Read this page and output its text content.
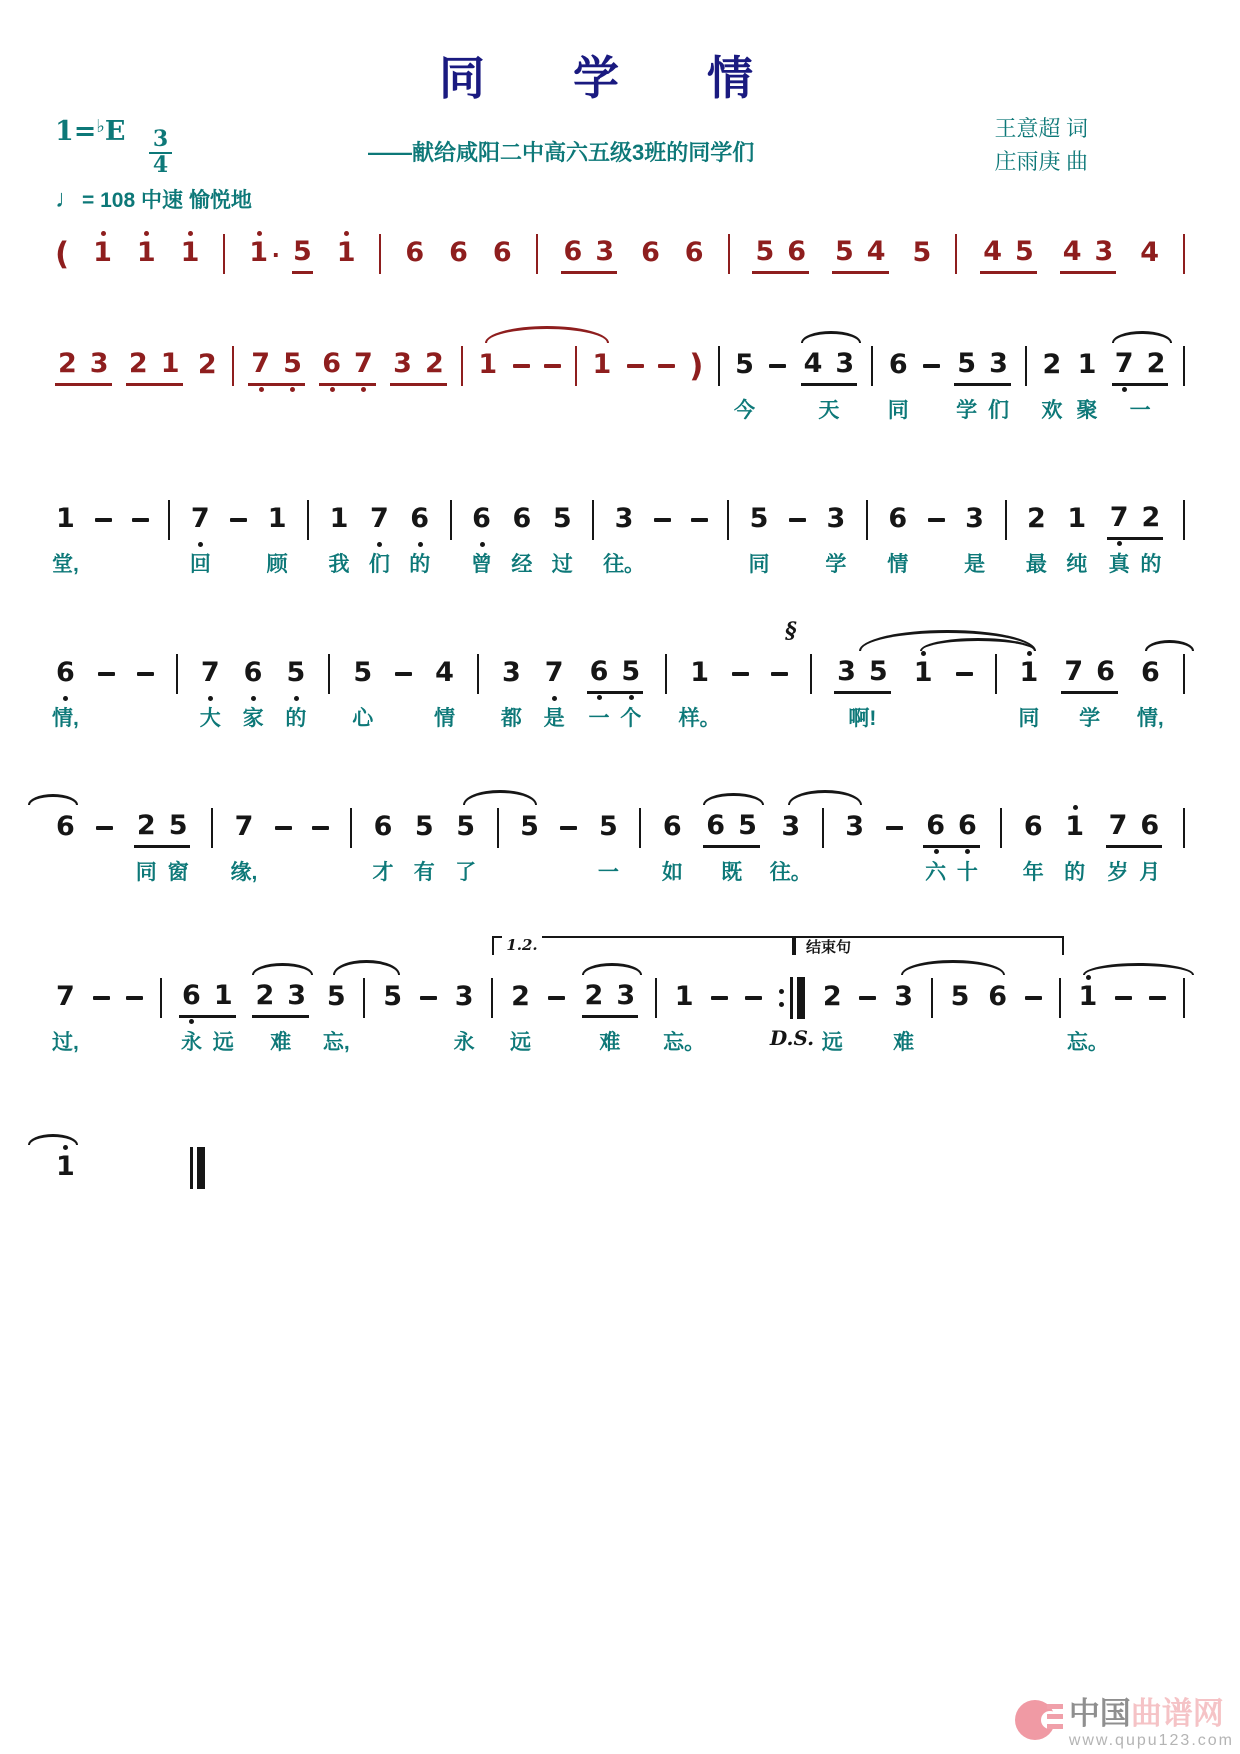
同学情
$1=^♭E \frac{3}{4}$
♩= 108 中速 愉悦地
——献给咸阳二中高六五级3班的同学们
王意超 词
庄雨庚 曲
( 1 1 1 1 · 5 1 6 6 6 6 3 6 6 5 6 5 4 5 4 5 4 3 4
2 3 2 1 2 7 5 6 7 3 2 1	1	) 5 4 3 6 5 3 2 1 7 2
今	天 同 学 们 欢 聚 一
1	7 1 1 7 6 6 6 5 3	5 3 6 3 2 1 7 2
堂,	回	顾 我 们 的 曾 经 过 往。	同	学 情	是 最 纯 真 的
6	7 6 5 5 4 3 7 6 5 1	3 5 1	1 7 6 6
§
情,	大 家 的 心	情 都 是 一 个 样。	啊!	同 学 情,
6 2 5 7	6 5 5 5 5 6 6 5 3 3 6 6 6 1 7 6
同 窗 缘,	才 有 了	一 如 既 往。	六 十 年 的 岁 月
7	6 1 2 3 5 5 3 2 2 3 1	2 3 5 6	1
1.2.	结束句
过,	永 远 难 忘,	永 远	难 忘。	D.S. 远 难	忘。
1
中国曲谱网
www.qupu123.com
